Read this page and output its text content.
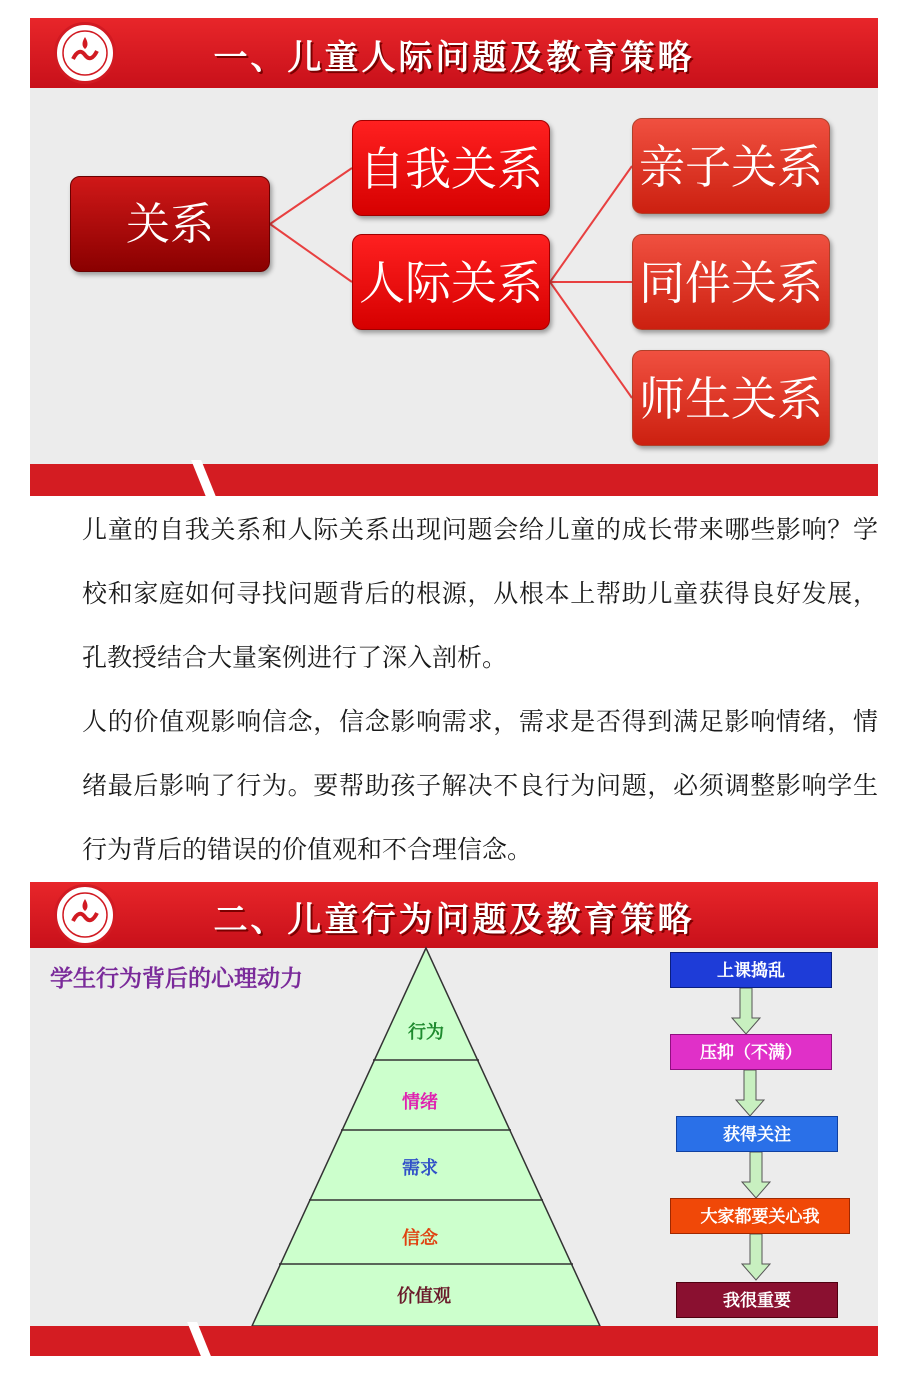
一、儿童人际问题及教育策略
关系
自我关系
人际关系
亲子关系
同伴关系
师生关系
儿童的自我关系和人际关系出现问题会给儿童的成长带来哪些影响？学校和家庭如何寻找问题背后的根源，从根本上帮助儿童获得良好发展，孔教授结合大量案例进行了深入剖析。
人的价值观影响信念，信念影响需求，需求是否得到满足影响情绪，情绪最后影响了行为。要帮助孩子解决不良行为问题，必须调整影响学生行为背后的错误的价值观和不合理信念。
二、儿童行为问题及教育策略
学生行为背后的心理动力
行为
情绪
需求
信念
价值观
上课捣乱
压抑（不满）
获得关注
大家都要关心我
我很重要
